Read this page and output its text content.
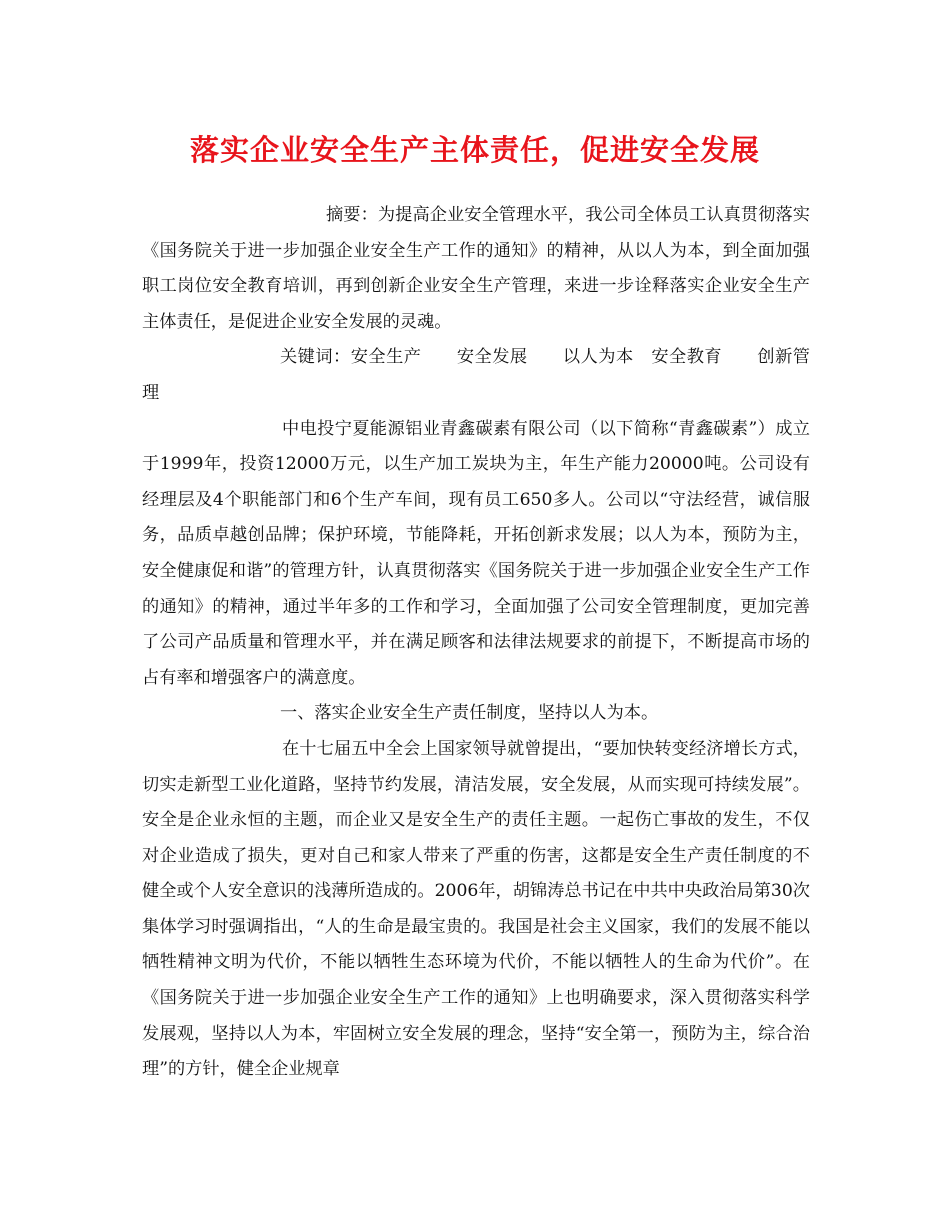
落实企业安全生产主体责任，促进安全发展

摘要：为提高企业安全管理水平，我公司全体员工认真贯彻落实《国务院关于进一步加强企业安全生产工作的通知》的精神，从以人为本，到全面加强职工岗位安全教育培训，再到创新企业安全生产管理，来进一步诠释落实企业安全生产主体责任，是促进企业安全发展的灵魂。

关键词：安全生产　　安全发展　　以人为本　安全教育　　创新管理

中电投宁夏能源铝业青鑫碳素有限公司（以下简称“青鑫碳素”）成立于1999年，投资12000万元，以生产加工炭块为主，年生产能力20000吨。公司设有经理层及4个职能部门和6个生产车间，现有员工650多人。公司以“守法经营，诚信服务，品质卓越创品牌；保护环境，节能降耗，开拓创新求发展；以人为本，预防为主，安全健康促和谐”的管理方针，认真贯彻落实《国务院关于进一步加强企业安全生产工作的通知》的精神，通过半年多的工作和学习，全面加强了公司安全管理制度，更加完善了公司产品质量和管理水平，并在满足顾客和法律法规要求的前提下，不断提高市场的占有率和增强客户的满意度。

一、落实企业安全生产责任制度，坚持以人为本。

在十七届五中全会上国家领导就曾提出，“要加快转变经济增长方式，切实走新型工业化道路，坚持节约发展，清洁发展，安全发展，从而实现可持续发展”。安全是企业永恒的主题，而企业又是安全生产的责任主题。一起伤亡事故的发生，不仅对企业造成了损失，更对自己和家人带来了严重的伤害，这都是安全生产责任制度的不健全或个人安全意识的浅薄所造成的。2006年，胡锦涛总书记在中共中央政治局第30次集体学习时强调指出，“人的生命是最宝贵的。我国是社会主义国家，我们的发展不能以牺牲精神文明为代价，不能以牺牲生态环境为代价，不能以牺牲人的生命为代价”。在《国务院关于进一步加强企业安全生产工作的通知》上也明确要求，深入贯彻落实科学发展观，坚持以人为本，牢固树立安全发展的理念，坚持“安全第一，预防为主，综合治理”的方针，健全企业规章
